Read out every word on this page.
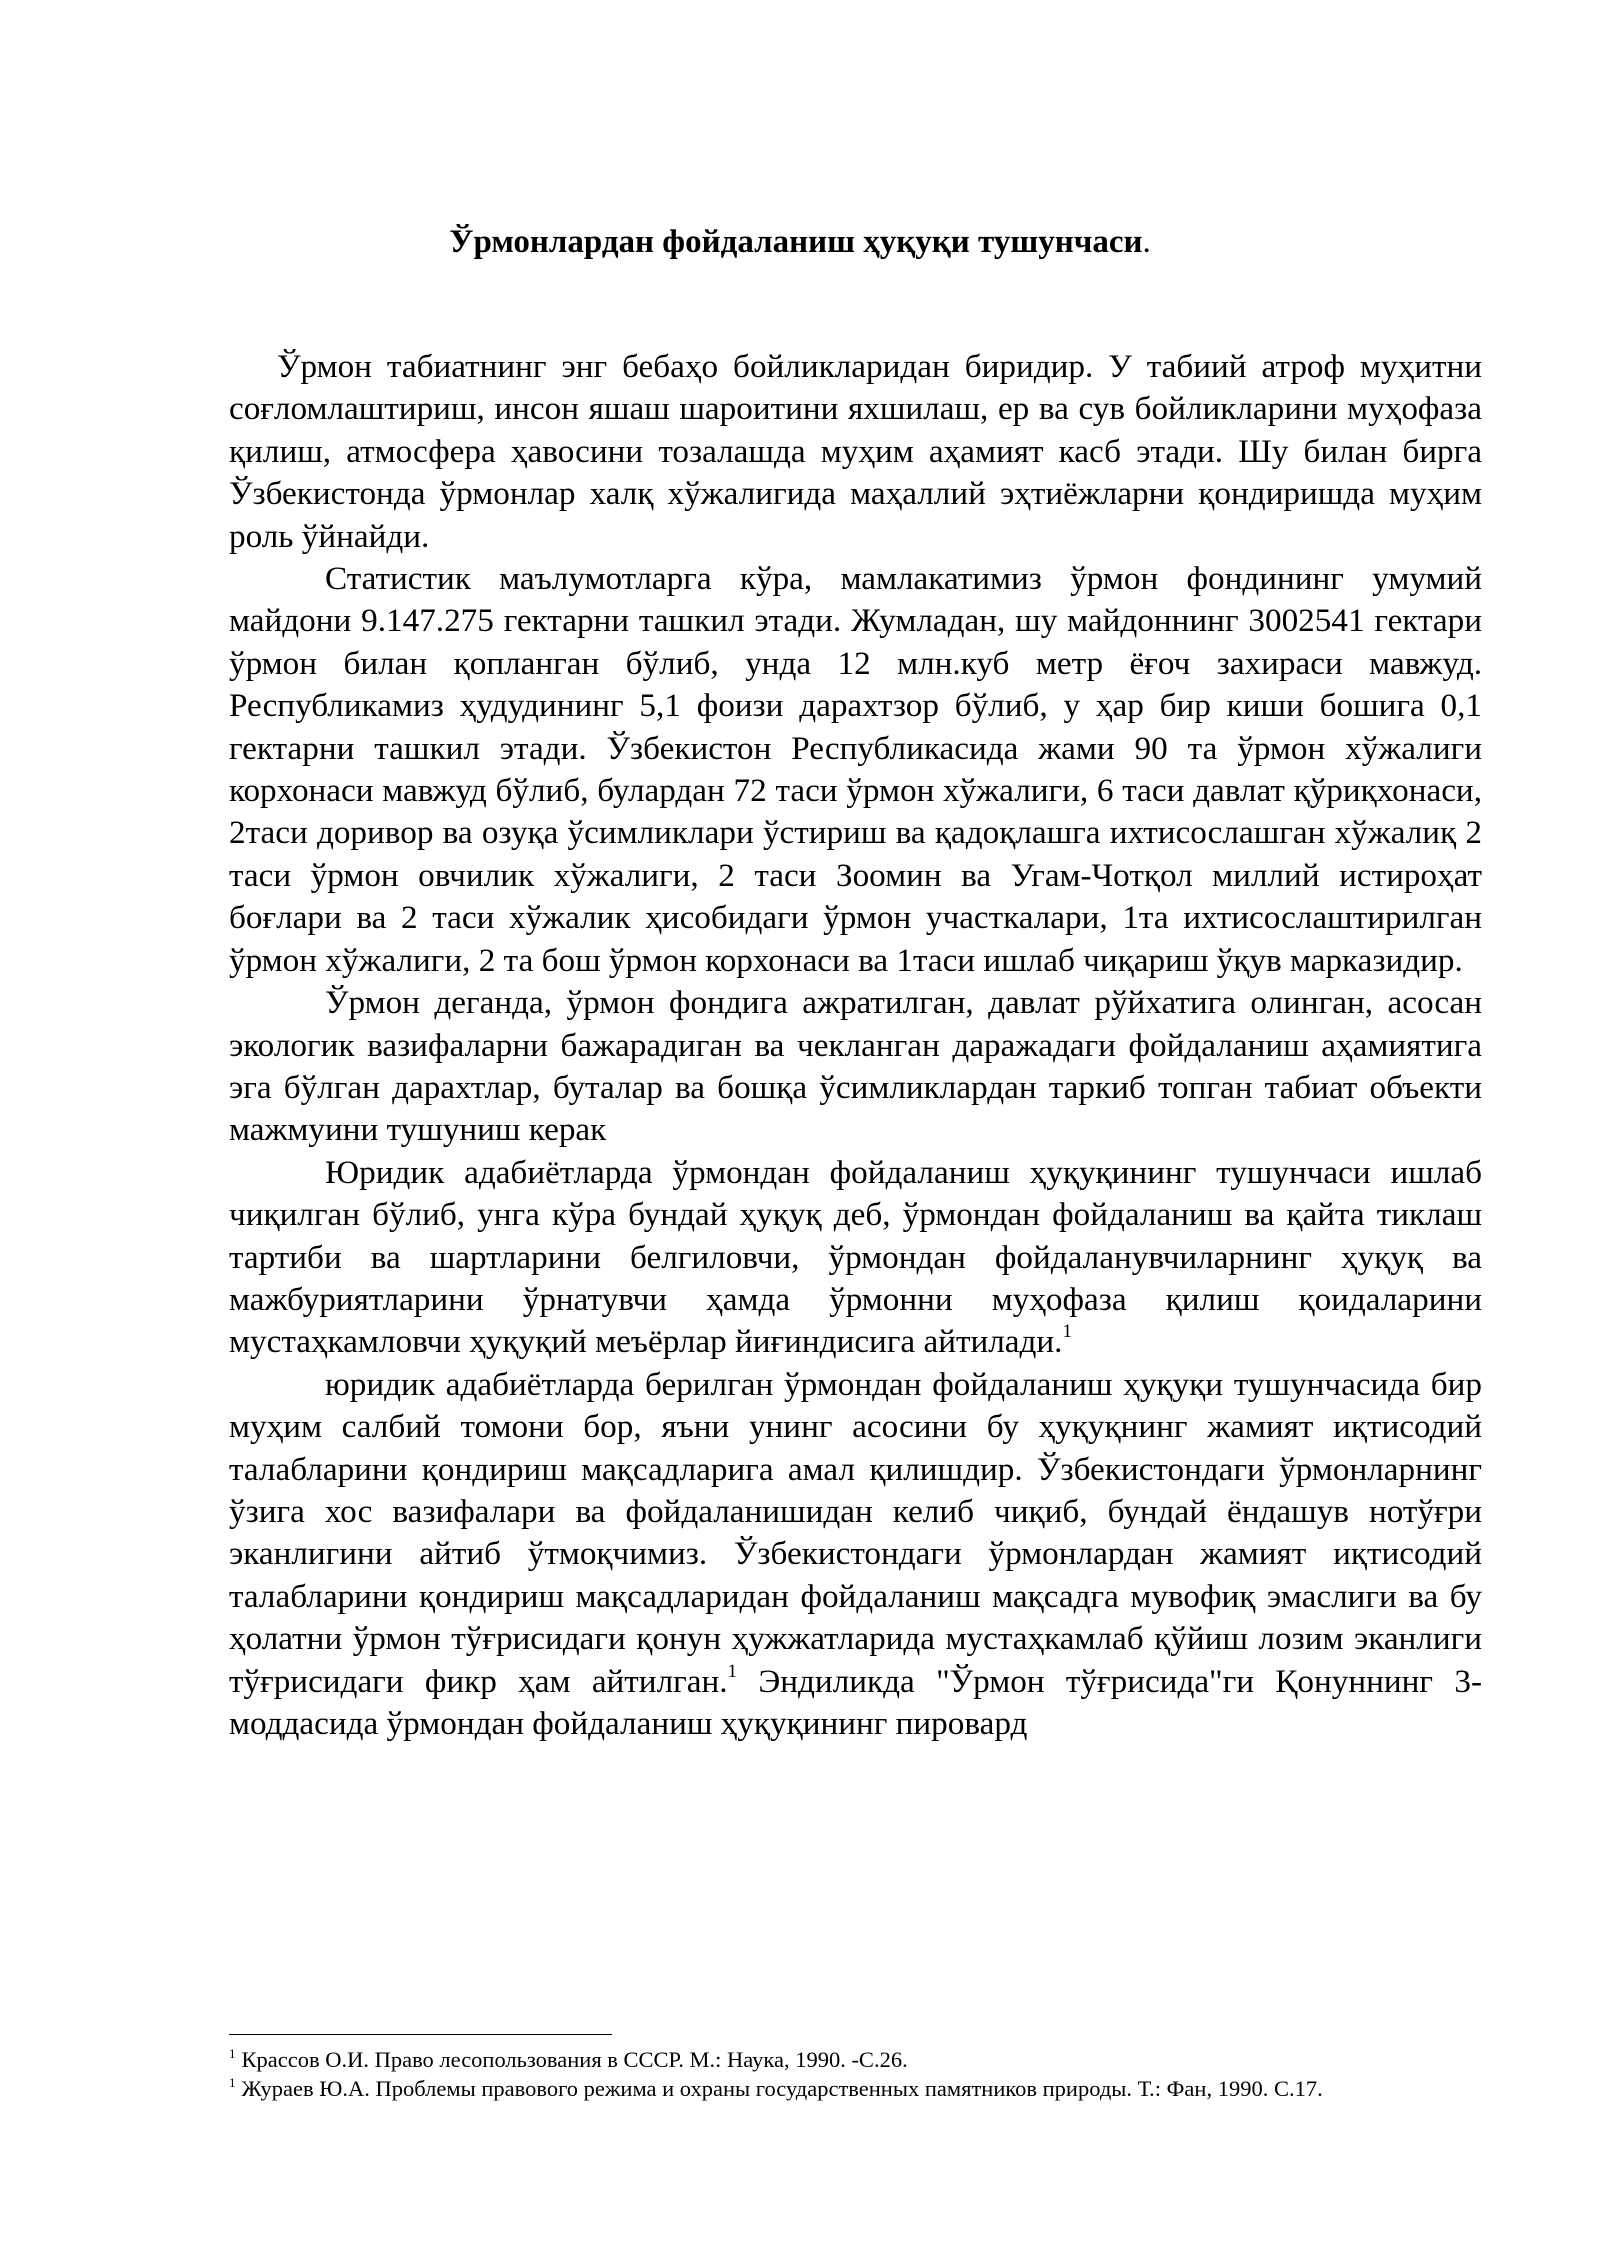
Ўрмонлардан фойдаланиш ҳуқуқи тушунчаси.

Ўрмон табиатнинг энг бебаҳо бойликларидан биридир. У табиий атроф муҳитни соғломлаштириш, инсон яшаш шароитини яхшилаш, ер ва сув бойликларини муҳофаза қилиш, атмосфера ҳавосини тозалашда муҳим аҳамият касб этади. Шу билан бирга Ўзбекистонда ўрмонлар халқ хўжалигида маҳаллий эҳтиёжларни қондиришда муҳим роль ўйнайди.

Статистик маълумотларга кўра, мамлакатимиз ўрмон фондининг умумий майдони 9.147.275 гектарни ташкил этади. Жумладан, шу майдоннинг 3002541 гектари ўрмон билан қопланган бўлиб, унда 12 млн.куб метр ёғоч захираси мавжуд. Республикамиз ҳудудининг 5,1 фоизи дарахтзор бўлиб, у ҳар бир киши бошига 0,1 гектарни ташкил этади. Ўзбекистон Республикасида жами 90 та ўрмон хўжалиги корхонаси мавжуд бўлиб, булардан 72 таси ўрмон хўжалиги, 6 таси давлат қўриқхонаси, 2таси доривор ва озуқа ўсимликлари ўстириш ва қадоқлашга ихтисослашган хўжалиқ 2 таси ўрмон овчилик хўжалиги, 2 таси Зоомин ва Угам-Чотқол миллий истироҳат боғлари ва 2 таси хўжалик ҳисобидаги ўрмон участкалари, 1та ихтисослаштирилган ўрмон хўжалиги, 2 та бош ўрмон корхонаси ва 1таси ишлаб чиқариш ўқув марказидир.

Ўрмон деганда, ўрмон фондига ажратилган, давлат рўйхатига олинган, асосан экологик вазифаларни бажарадиган ва чекланган даражадаги фойдаланиш аҳамиятига эга бўлган дарахтлар, буталар ва бошқа ўсимликлардан таркиб топган табиат объекти мажмуини тушуниш керак

Юридик адабиётларда ўрмондан фойдаланиш ҳуқуқининг тушунчаси ишлаб чиқилган бўлиб, унга кўра бундай ҳуқуқ деб, ўрмондан фойдаланиш ва қайта тиклаш тартиби ва шартларини белгиловчи, ўрмондан фойдаланувчиларнинг ҳуқуқ ва мажбуриятларини ўрнатувчи ҳамда ўрмонни муҳофаза қилиш қоидаларини мустаҳкамловчи ҳуқуқий меъёрлар йиғиндисига айтилади.$^1$

юридик адабиётларда берилган ўрмондан фойдаланиш ҳуқуқи тушунчасида бир муҳим салбий томони бор, яъни унинг асосини бу ҳуқуқнинг жамият иқтисодий талабларини қондириш мақсадларига амал қилишдир. Ўзбекистондаги ўрмонларнинг ўзига хос вазифалари ва фойдаланишидан келиб чиқиб, бундай ёндашув нотўғри эканлигини айтиб ўтмоқчимиз. Ўзбекистондаги ўрмонлардан жамият иқтисодий талабларини қондириш мақсадларидан фойдаланиш мақсадга мувофиқ эмаслиги ва бу ҳолатни ўрмон тўғрисидаги қонун ҳужжатларида мустаҳкамлаб қўйиш лозим эканлиги тўғрисидаги фикр ҳам айтилган.$^1$ Эндиликда "Ўрмон тўғрисида"ги Қонуннинг 3-моддасида ўрмондан фойдаланиш ҳуқуқининг пировард

$^1$ Крассов О.И. Право лесопользования в СССР. М.: Наука, 1990. -С.26.

$^1$ Жураев Ю.А. Проблемы правового режима и охраны государственных памятников природы. Т.: Фан, 1990. С.17.
